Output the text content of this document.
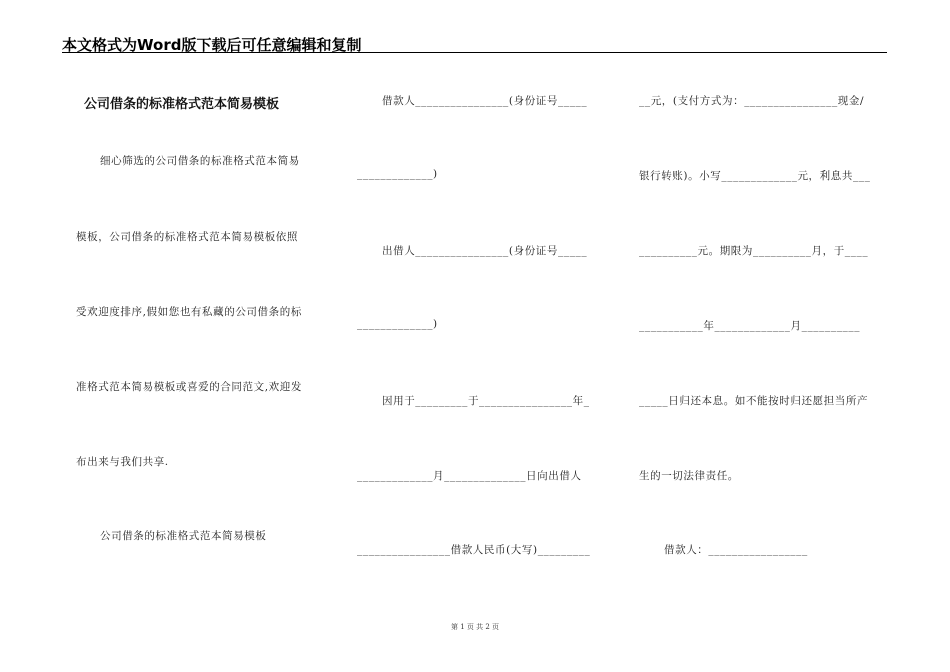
本文格式为Word版下载后可任意编辑和复制
公司借条的标准格式范本简易模板
细心筛选的公司借条的标准格式范本简易
模板，公司借条的标准格式范本简易模板依照
受欢迎度排序,假如您也有私藏的公司借条的标
准格式范本简易模板或喜爱的合同范文,欢迎发
布出来与我们共享.
公司借条的标准格式范本简易模板
借款人________________(身份证号_____
_____________)
出借人________________(身份证号_____
_____________)
因用于_________于________________年_
_____________月______________日向出借人
________________借款人民币(大写)_________
__元，(支付方式为：________________现金/
银行转账)。小写_____________元，利息共___
__________元。期限为__________月，于____
___________年_____________月__________
_____日归还本息。如不能按时归还愿担当所产
生的一切法律责任。
借款人：_________________
第 1 页 共 2 页
